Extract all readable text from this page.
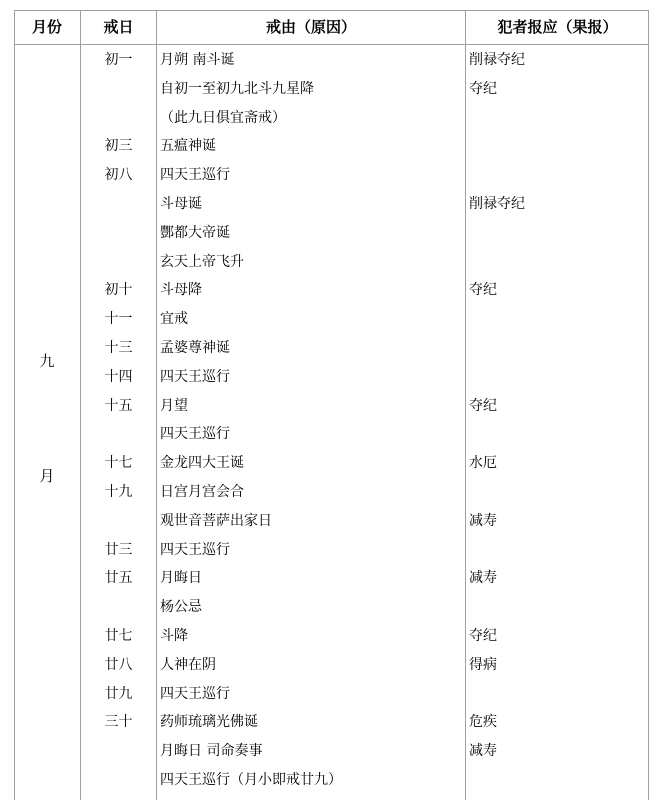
月份	戒日	戒由（原因）	犯者报应（果报）
九
月
初一	月朔 南斗诞	削禄夺纪
自初一至初九北斗九星降	夺纪
（此九日俱宜斋戒）
初三	五瘟神诞
初八	四天王巡行
斗母诞	削禄夺纪
酆都大帝诞
玄天上帝飞升
初十	斗母降	夺纪
十一	宜戒
十三	孟婆尊神诞
十四	四天王巡行
十五	月望	夺纪
四天王巡行
十七	金龙四大王诞	水厄
十九	日宫月宫会合
观世音菩萨出家日	减寿
廿三	四天王巡行
廿五	月晦日	减寿
杨公忌
廿七	斗降	夺纪
廿八	人神在阴	得病
廿九	四天王巡行
三十	药师琉璃光佛诞	危疾
月晦日 司命奏事	减寿
四天王巡行（月小即戒廿九）
